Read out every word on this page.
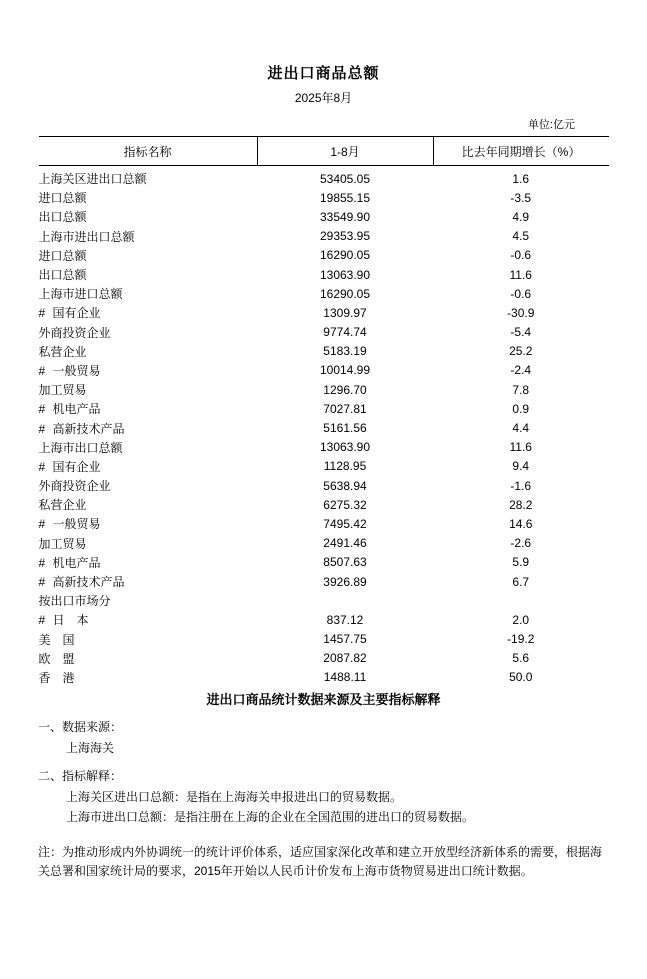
进出口商品总额
2025年8月
单位:亿元
指标名称	1-8月	比去年同期增长（%）
上海关区进出口总额	53405.05	1.6
进口总额	19855.15	-3.5
出口总额	33549.90	4.9
上海市进出口总额	29353.95	4.5
进口总额	16290.05	-0.6
出口总额	13063.90	11.6
上海市进口总额	16290.05	-0.6
# 国有企业	1309.97	-30.9
外商投资企业	9774.74	-5.4
私营企业	5183.19	25.2
# 一般贸易	10014.99	-2.4
加工贸易	1296.70	7.8
# 机电产品	7027.81	0.9
# 高新技术产品	5161.56	4.4
上海市出口总额	13063.90	11.6
# 国有企业	1128.95	9.4
外商投资企业	5638.94	-1.6
私营企业	6275.32	28.2
# 一般贸易	7495.42	14.6
加工贸易	2491.46	-2.6
# 机电产品	8507.63	5.9
# 高新技术产品	3926.89	6.7
按出口市场分		
# 日　本	837.12	2.0
美　国	1457.75	-19.2
欧　盟	2087.82	5.6
香　港	1488.11	50.0
进出口商品统计数据来源及主要指标解释
一、数据来源：
上海海关
二、指标解释：
上海关区进出口总额：是指在上海海关申报进出口的贸易数据。
上海市进出口总额：是指注册在上海的企业在全国范围的进出口的贸易数据。
注：为推动形成内外协调统一的统计评价体系，适应国家深化改革和建立开放型经济新体系的需要，根据海关总署和国家统计局的要求，2015年开始以人民币计价发布上海市货物贸易进出口统计数据。
